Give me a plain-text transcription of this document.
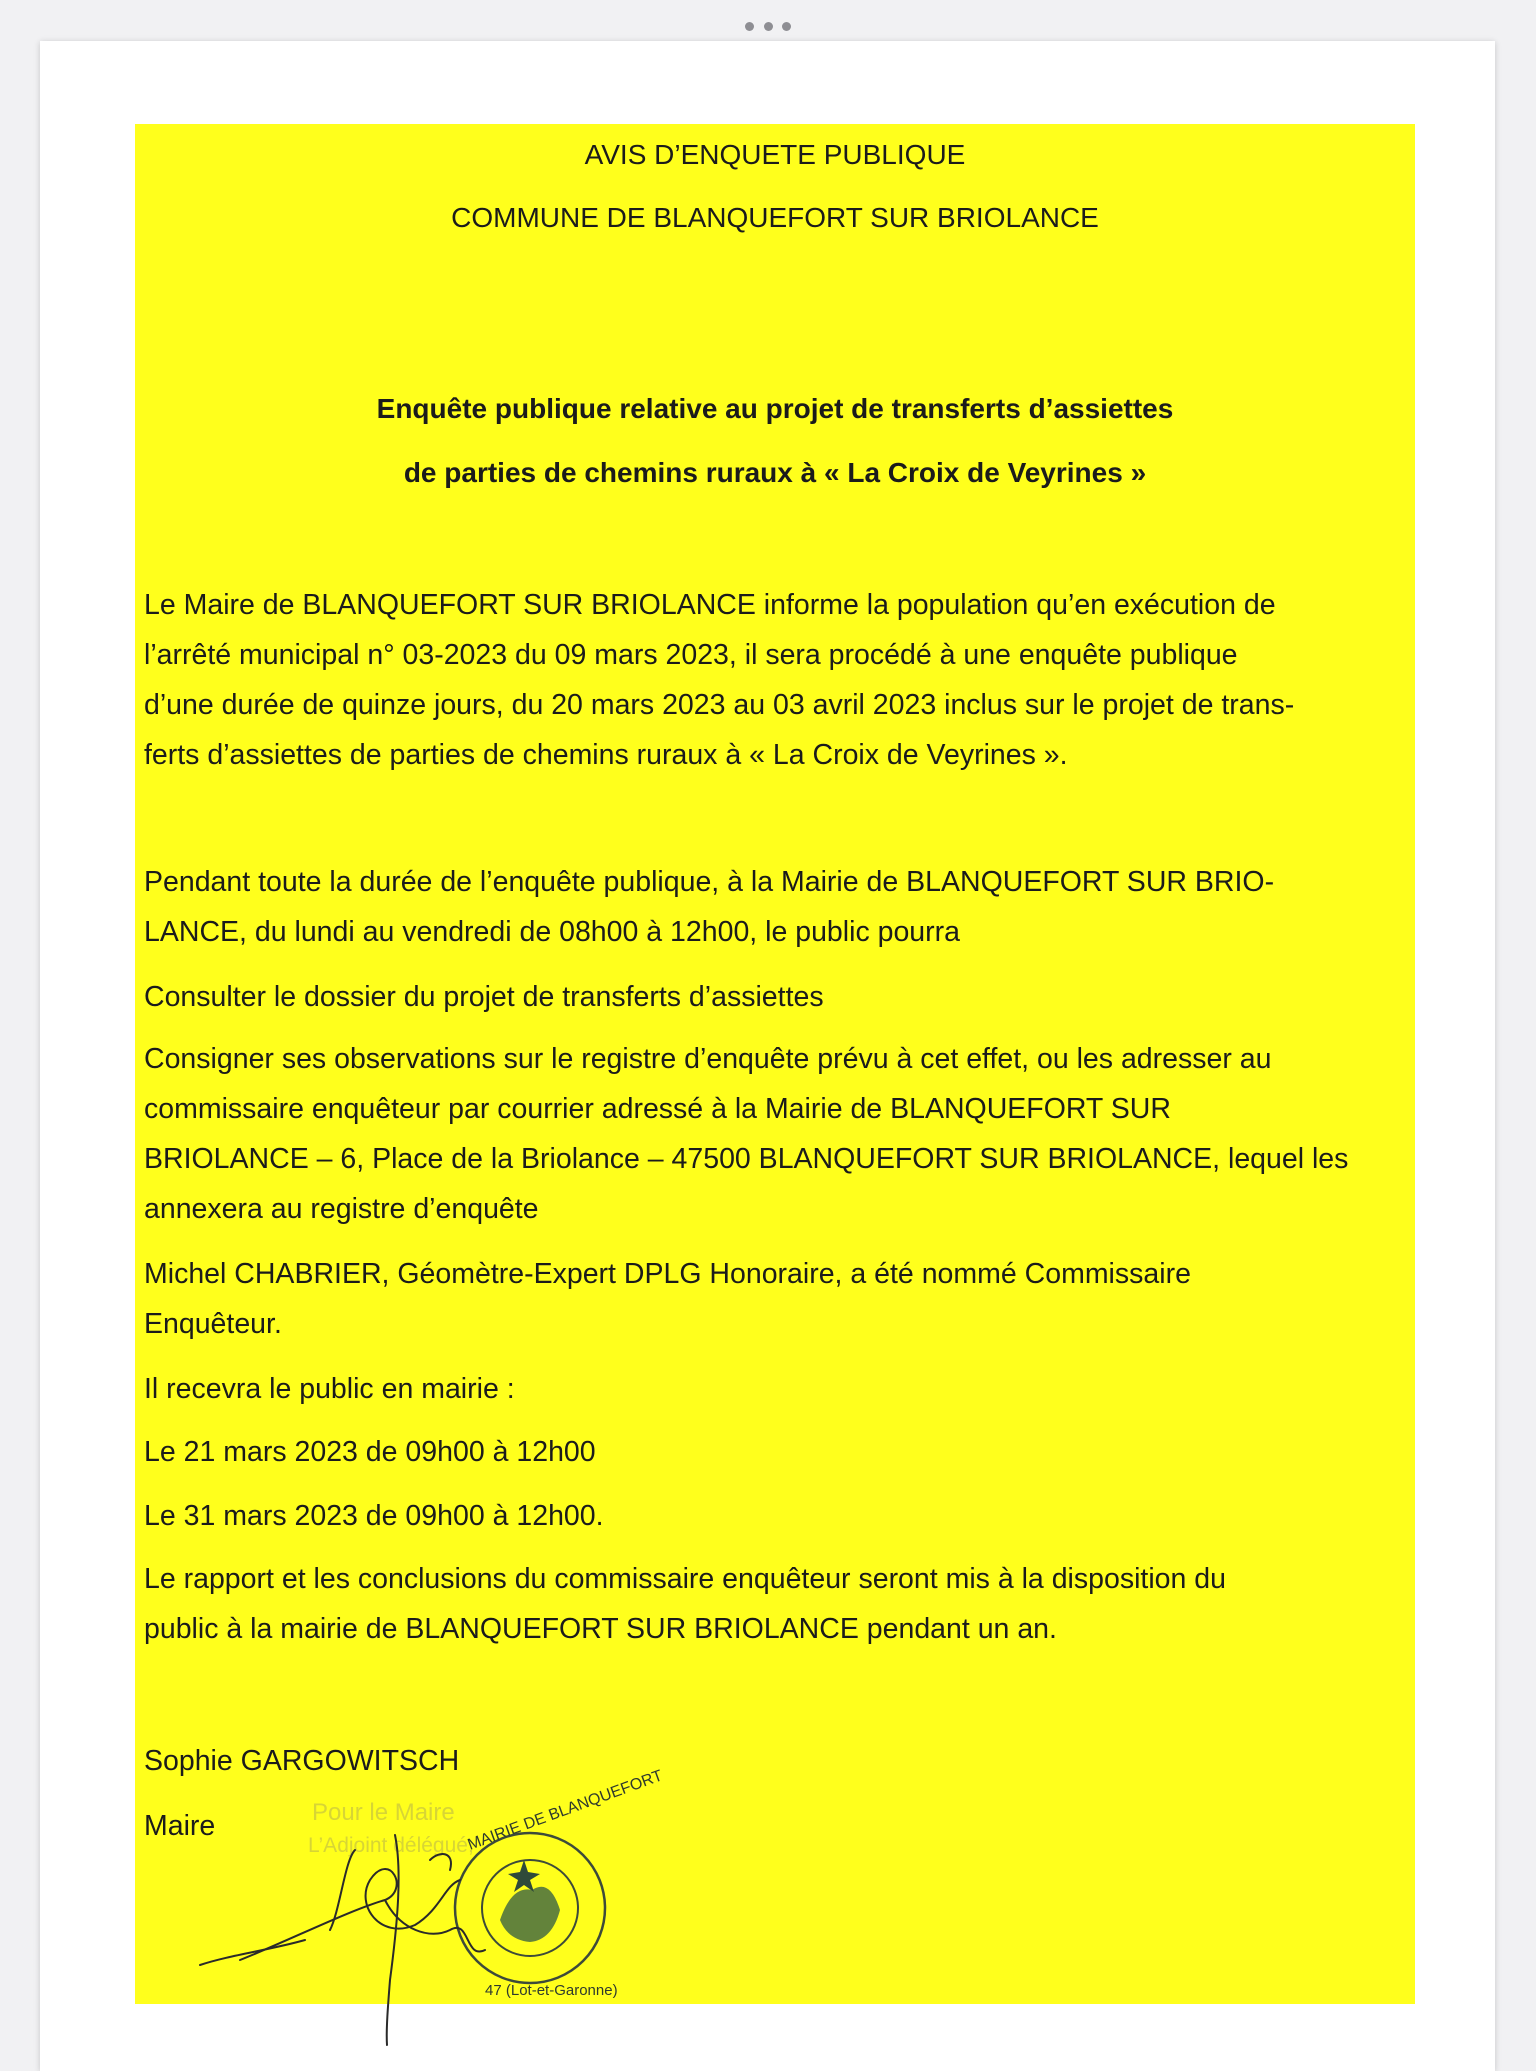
AVIS D’ENQUETE PUBLIQUE
COMMUNE DE BLANQUEFORT SUR BRIOLANCE
Enquête publique relative au projet de transferts d’assiettes
de parties de chemins ruraux à « La Croix de Veyrines »
Le Maire de BLANQUEFORT SUR BRIOLANCE informe la population qu’en exécution de
l’arrêté municipal n° 03-2023 du 09 mars 2023, il sera procédé à une enquête publique
d’une durée de quinze jours, du 20 mars 2023 au 03 avril 2023 inclus sur le projet de trans-
ferts d’assiettes de parties de chemins ruraux à « La Croix de Veyrines ».
Pendant toute la durée de l’enquête publique, à la Mairie de BLANQUEFORT SUR BRIO-
LANCE, du lundi au vendredi de 08h00 à 12h00, le public pourra
Consulter le dossier du projet de transferts d’assiettes
Consigner ses observations sur le registre d’enquête prévu à cet effet, ou les adresser au
commissaire enquêteur par courrier adressé à la Mairie de BLANQUEFORT SUR
BRIOLANCE – 6, Place de la Briolance – 47500 BLANQUEFORT SUR BRIOLANCE, lequel les
annexera au registre d’enquête
Michel CHABRIER, Géomètre-Expert DPLG Honoraire, a été nommé Commissaire
Enquêteur.
Il recevra le public en mairie :
Le 21 mars 2023 de 09h00 à 12h00
Le 31 mars 2023 de 09h00 à 12h00.
Le rapport et les conclusions du commissaire enquêteur seront mis à la disposition du
public à la mairie de BLANQUEFORT SUR BRIOLANCE pendant un an.
Sophie GARGOWITSCH
Maire	Pour le Maire
L’Adjoint délégué,
MAIRIE DE BLANQUEFORT
47 (Lot-et-Garonne)
